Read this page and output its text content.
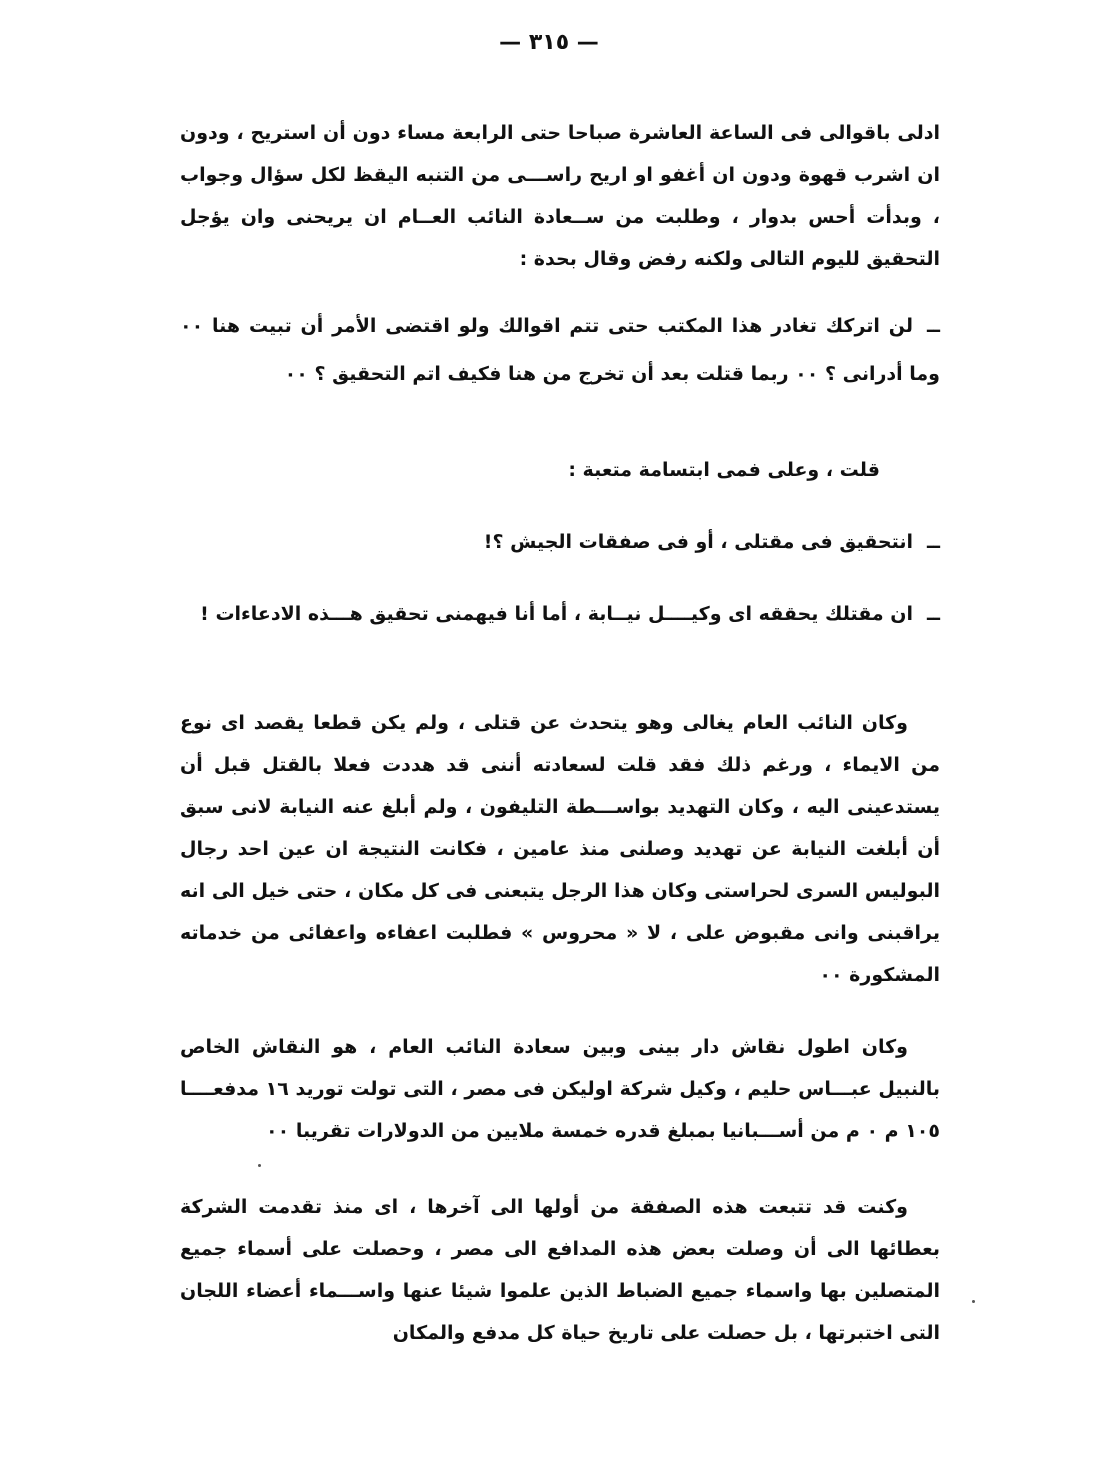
— ٣١٥ —
ادلى باقوالى فى الساعة العاشرة صباحا حتى الرابعة مساء دون أن استريح ، ودون ان اشرب قهوة ودون ان أغفو او اريح راســـى من التنبه اليقظ لكل سؤال وجواب ، وبدأت أحس بدوار ، وطلبت من ســعادة النائب العــام ان يريحنى وان يؤجل التحقيق لليوم التالى ولكنه رفض وقال بحدة :
ــلن اتركك تغادر هذا المكتب حتى تتم اقوالك ولو اقتضى الأمر أن تبيت هنا ٠٠ وما أدرانى ؟ ٠٠ ربما قتلت بعد أن تخرج من هنا فكيف اتم التحقيق ؟ ٠٠
قلت ، وعلى فمى ابتسامة متعبة :
ــانتحقيق فى مقتلى ، أو فى صفقات الجيش ؟!
ــان مقتلك يحققه اى وكيــــل نيــابة ، أما أنا فيهمنى تحقيق هـــذه الادعاءات !
وكان النائب العام يغالى وهو يتحدث عن قتلى ، ولم يكن قطعا يقصد اى نوع من الايماء ، ورغم ذلك فقد قلت لسعادته أننى قد هددت فعلا بالقتل قبل أن يستدعينى اليه ، وكان التهديد بواســـطة التليفون ، ولم أبلغ عنه النيابة لانى سبق أن أبلغت النيابة عن تهديد وصلنى منذ عامين ، فكانت النتيجة ان عين احد رجال البوليس السرى لحراستى وكان هذا الرجل يتبعنى فى كل مكان ، حتى خيل الى انه يراقبنى وانى مقبوض على ، لا « محروس » فطلبت اعفاءه واعفائى من خدماته المشكورة ٠٠
وكان اطول نقاش دار بينى وبين سعادة النائب العام ، هو النقاش الخاص بالنبيل عبـــاس حليم ، وكيل شركة اوليكن فى مصر ، التى تولت توريد ١٦ مدفعــــا ١٠٥ م ٠ م من أســـبانيا بمبلغ قدره خمسة ملايين من الدولارات تقريبا ٠٠
وكنت قد تتبعت هذه الصفقة من أولها الى آخرها ، اى منذ تقدمت الشركة بعطائها الى أن وصلت بعض هذه المدافع الى مصر ، وحصلت على أسماء جميع المتصلين بها واسماء جميع الضباط الذين علموا شيئا عنها واســـماء أعضاء اللجان التى اختبرتها ، بل حصلت على تاريخ حياة كل مدفع والمكان
